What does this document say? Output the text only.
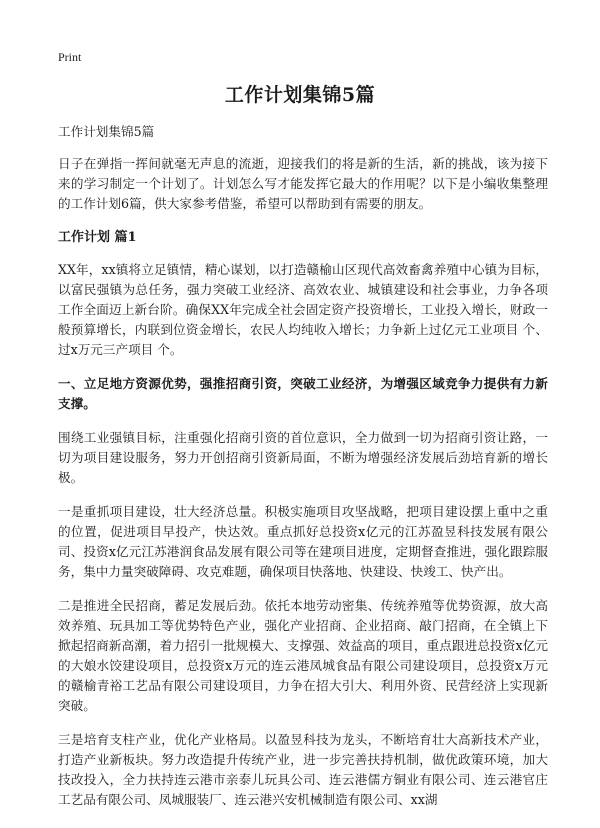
Print
工作计划集锦5篇

工作计划集锦5篇

日子在弹指一挥间就毫无声息的流逝，迎接我们的将是新的生活，新的挑战，该为接下来的学习制定一个计划了。计划怎么写才能发挥它最大的作用呢？以下是小编收集整理的工作计划6篇，供大家参考借鉴，希望可以帮助到有需要的朋友。

工作计划 篇1

XX年，xx镇将立足镇情，精心谋划，以打造赣榆山区现代高效畜禽养殖中心镇为目标，以富民强镇为总任务，强力突破工业经济、高效农业、城镇建设和社会事业，力争各项工作全面迈上新台阶。确保XX年完成全社会固定资产投资增长，工业投入增长，财政一般预算增长，内联到位资金增长，农民人均纯收入增长；力争新上过亿元工业项目 个、过x万元三产项目 个。

一、立足地方资源优势，强推招商引资，突破工业经济，为增强区域竞争力提供有力新支撑。

围绕工业强镇目标，注重强化招商引资的首位意识，全力做到一切为招商引资让路，一切为项目建设服务，努力开创招商引资新局面，不断为增强经济发展后劲培育新的增长极。

一是重抓项目建设，壮大经济总量。积极实施项目攻坚战略，把项目建设摆上重中之重的位置，促进项目早投产，快达效。重点抓好总投资x亿元的江苏盈昱科技发展有限公司、投资x亿元江苏港润食品发展有限公司等在建项目进度，定期督查推进，强化跟踪服务，集中力量突破障碍、攻克难题，确保项目快落地、快建设、快竣工、快产出。

二是推进全民招商，蓄足发展后劲。依托本地劳动密集、传统养殖等优势资源，放大高效养殖、玩具加工等优势特色产业，强化产业招商、企业招商、敲门招商，在全镇上下掀起招商新高潮，着力招引一批规模大、支撑强、效益高的项目，重点跟进总投资x亿元的大娘水饺建设项目，总投资x万元的连云港凤城食品有限公司建设项目，总投资x万元的赣榆青裕工艺品有限公司建设项目，力争在招大引大、利用外资、民营经济上实现新突破。

三是培育支柱产业，优化产业格局。以盈昱科技为龙头，不断培育壮大高新技术产业，打造产业新板块。努力改造提升传统产业，进一步完善扶持机制，做优政策环境，加大技改投入，全力扶持连云港市亲泰儿玩具公司、连云港儒方铜业有限公司、连云港官庄工艺品有限公司、凤城服装厂、连云港兴安机械制造有限公司、xx湖
